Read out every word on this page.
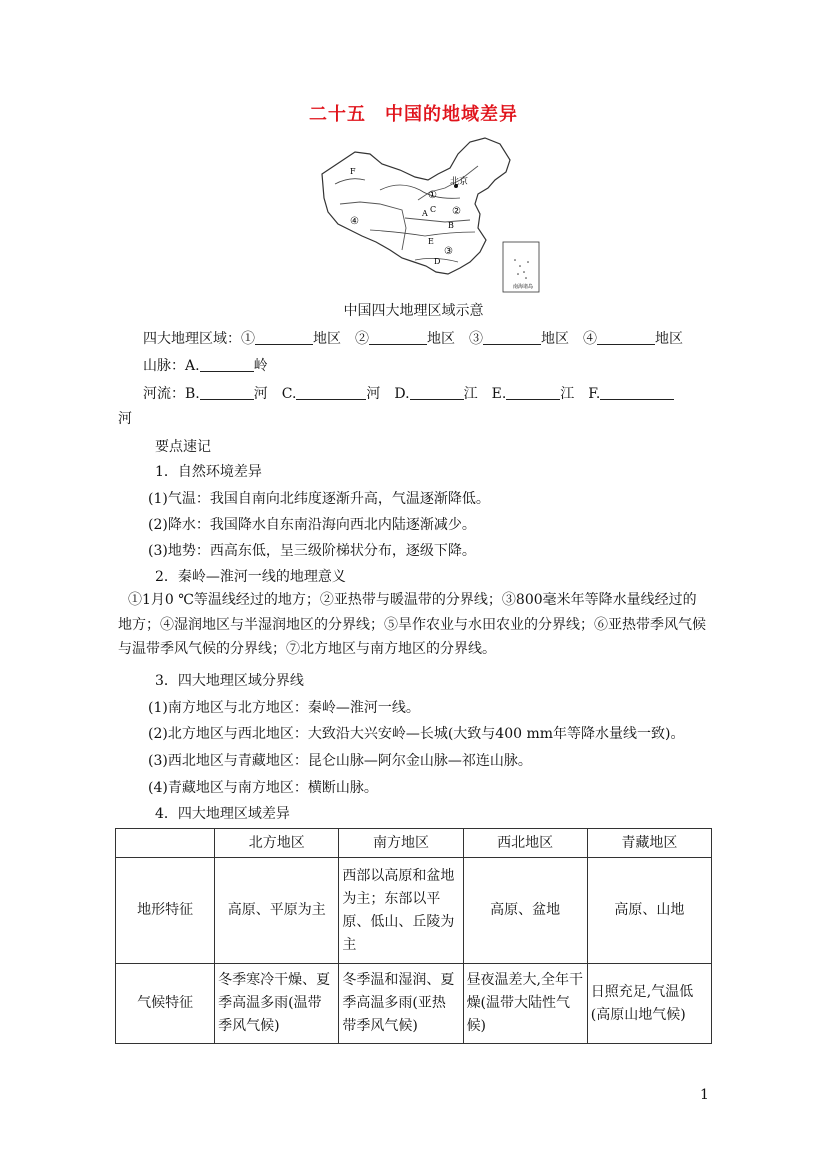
二十五　中国的地域差异
F
北京
①
②
③
④
A
B
C
D
E
南海诸岛
中国四大地理区域示意
四大地理区域：①	地区　②	地区　③	地区　④	地区
山脉：A.	岭
河流：B.	河　C.	河　D.	江　E.	江　F.
河
要点速记
1．自然环境差异
(1)气温：我国自南向北纬度逐渐升高，气温逐渐降低。
(2)降水：我国降水自东南沿海向西北内陆逐渐减少。
(3)地势：西高东低，呈三级阶梯状分布，逐级下降。
2．秦岭—淮河一线的地理意义
①1月0 ℃等温线经过的地方；②亚热带与暖温带的分界线；③800毫米年等降水量线经过的地方；④湿润地区与半湿润地区的分界线；⑤旱作农业与水田农业的分界线；⑥亚热带季风气候与温带季风气候的分界线；⑦北方地区与南方地区的分界线。
3．四大地理区域分界线
(1)南方地区与北方地区：秦岭—淮河一线。
(2)北方地区与西北地区：大致沿大兴安岭—长城(大致与400 mm年等降水量线一致)。
(3)西北地区与青藏地区：昆仑山脉—阿尔金山脉—祁连山脉。
(4)青藏地区与南方地区：横断山脉。
4．四大地理区域差异
	北方地区	南方地区	西北地区	青藏地区
地形特征	高原、平原为主	西部以高原和盆地为主；东部以平原、低山、丘陵为主	高原、盆地	高原、山地
气候特征	冬季寒冷干燥、夏季高温多雨(温带季风气候)	冬季温和湿润、夏季高温多雨(亚热带季风气候)	昼夜温差大,全年干燥(温带大陆性气候)	日照充足,气温低(高原山地气候)
1
